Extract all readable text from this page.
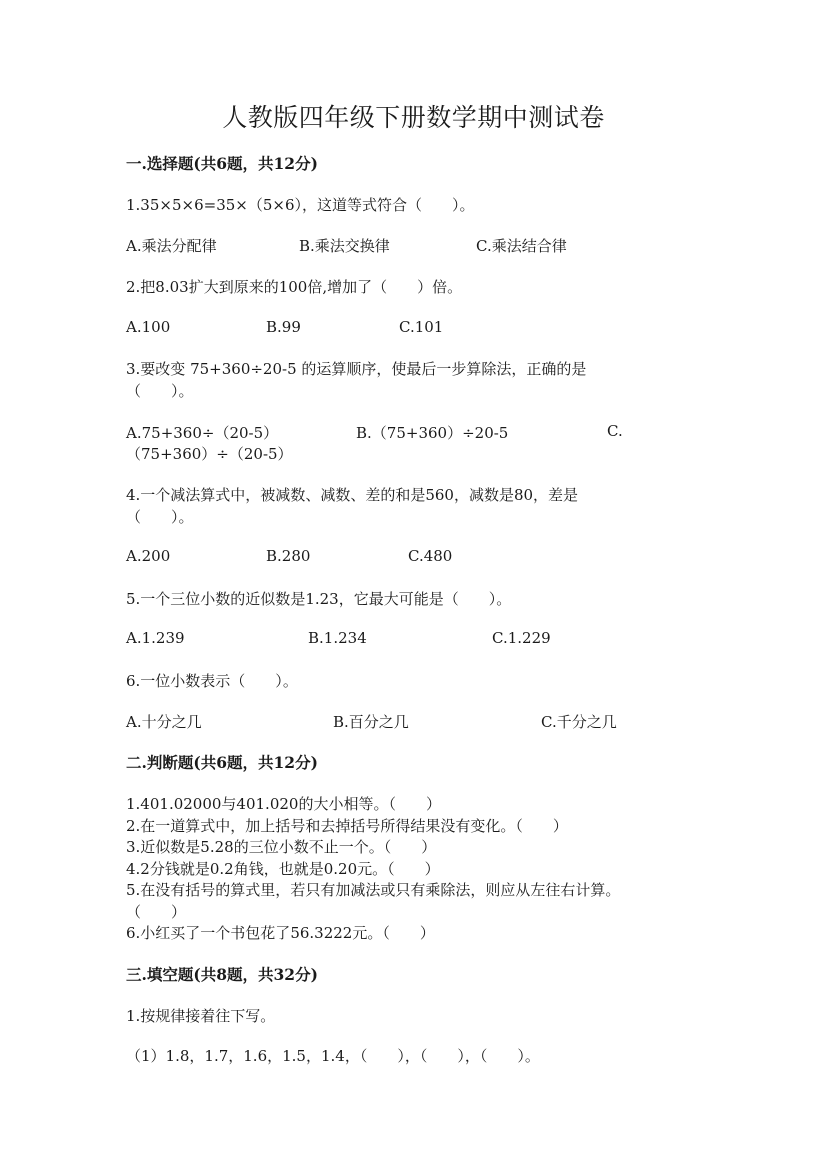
人教版四年级下册数学期中测试卷
一.选择题(共6题，共12分)
1.35×5×6=35×（5×6），这道等式符合（　　）。
A.乘法分配律	B.乘法交换律	C.乘法结合律
2.把8.03扩大到原来的100倍,增加了（　　）倍。
A.100	B.99	C.101
3.要改变 75+360÷20-5 的运算顺序，使最后一步算除法，正确的是
（　　）。
A.75+360÷（20-5）	B.（75+360）÷20-5	C.
（75+360）÷（20-5）
4.一个减法算式中，被减数、减数、差的和是560，减数是80，差是
（　　）。
A.200	B.280	C.480
5.一个三位小数的近似数是1.23，它最大可能是（　　）。
A.1.239	B.1.234	C.1.229
6.一位小数表示（　　）。
A.十分之几	B.百分之几	C.千分之几
二.判断题(共6题，共12分)
1.401.02000与401.020的大小相等。（　　）
2.在一道算式中，加上括号和去掉括号所得结果没有变化。（　　）
3.近似数是5.28的三位小数不止一个。（　　）
4.2分钱就是0.2角钱，也就是0.20元。（　　）
5.在没有括号的算式里，若只有加减法或只有乘除法，则应从左往右计算。
（　　）
6.小红买了一个书包花了56.3222元。（　　）
三.填空题(共8题，共32分)
1.按规律接着往下写。
（1）1.8，1.7，1.6，1.5，1.4，（　　），（　　），（　　）。
